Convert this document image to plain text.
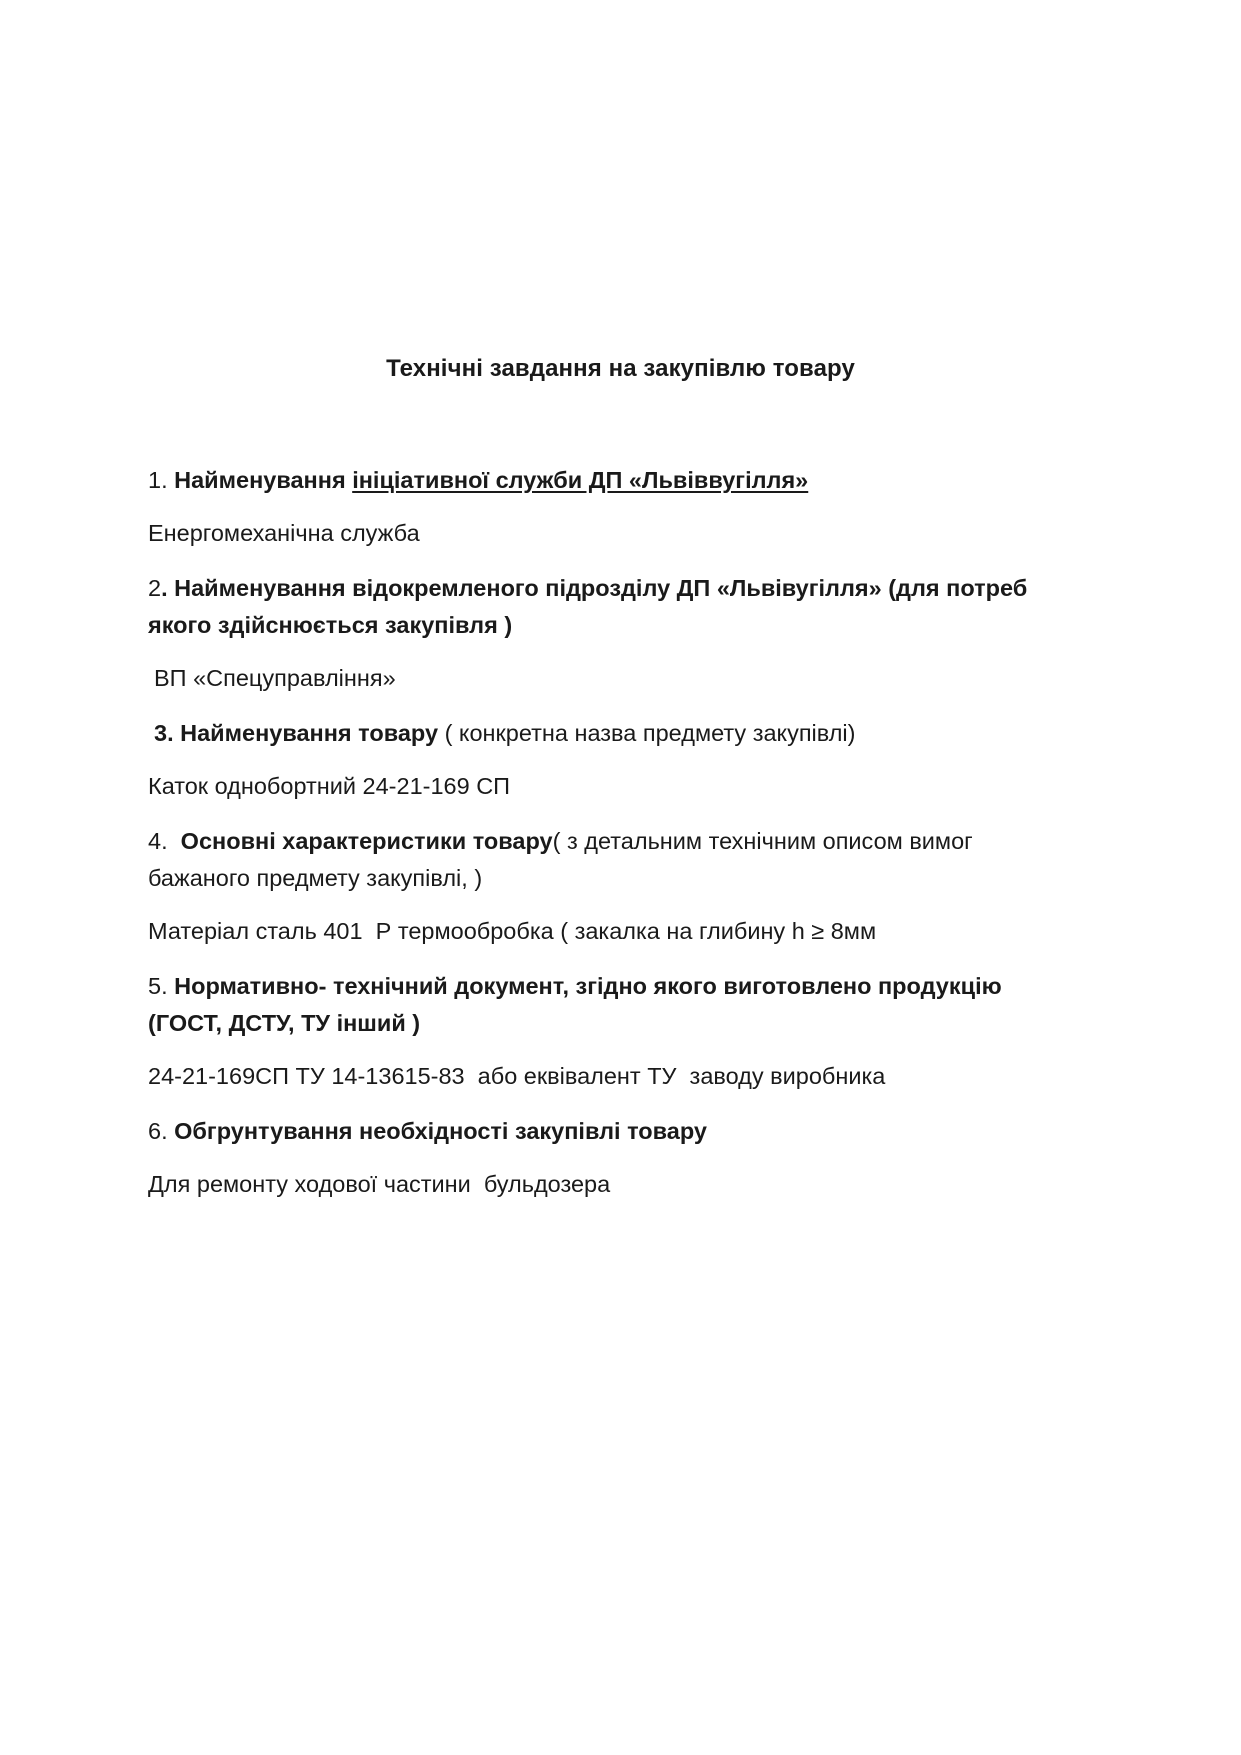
Технічні завдання на закупівлю товару
1. Найменування ініціативної служби ДП «Львіввугілля»
Енергомеханічна служба
2. Найменування відокремленого підрозділу ДП «Львівугілля» (для потреб
якого здійснюється закупівля )
ВП «Спецуправління»
3. Найменування товару ( конкретна назва предмету закупівлі)
Каток однобортний 24-21-169 СП
4.  Основні характеристики товару( з детальним технічним описом вимог
бажаного предмету закупівлі, )
Матеріал сталь 401  Р термообробка ( закалка на глибину h ≥ 8мм
5. Нормативно- технічний документ, згідно якого виготовлено продукцію
(ГОСТ, ДСТУ, ТУ інший )
24-21-169СП ТУ 14-13615-83  або еквівалент ТУ  заводу виробника
6. Обгрунтування необхідності закупівлі товару
Для ремонту ходової частини  бульдозера
